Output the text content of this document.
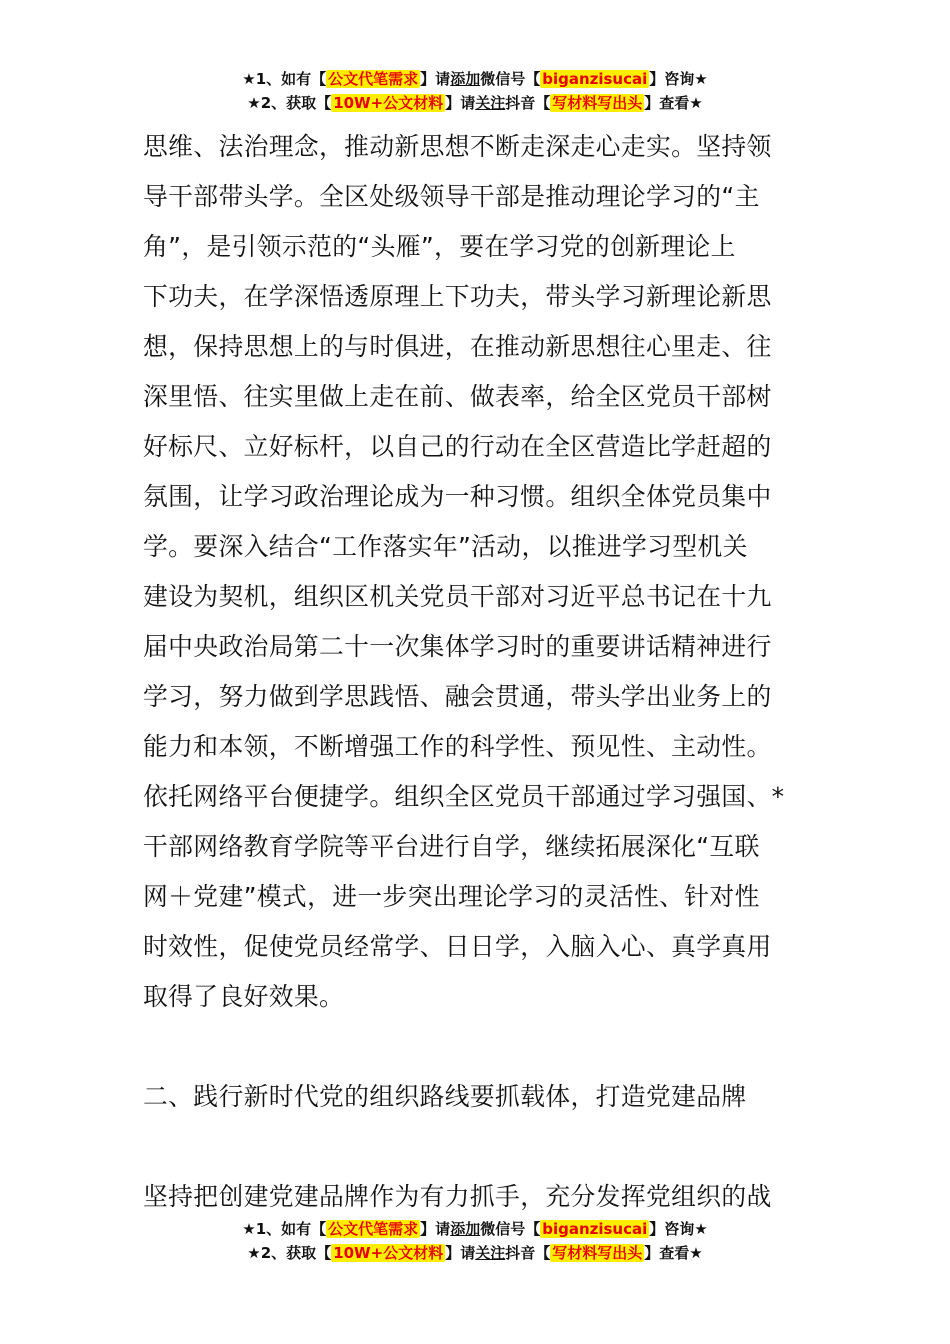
★1、如有【 公文代笔需求 】请添加微信号【 biganzisucai 】咨询★
★2、获取【 10W+公文材料 】请关注抖音【 写材料写出头 】查看★
思维、法治理念，推动新思想不断走深走心走实。坚持领
导干部带头学。全区处级领导干部是推动理论学习的“主
角”，是引领示范的“头雁”，要在学习党的创新理论上
下功夫，在学深悟透原理上下功夫，带头学习新理论新思
想，保持思想上的与时俱进，在推动新思想往心里走、往
深里悟、往实里做上走在前、做表率，给全区党员干部树
好标尺、立好标杆，以自己的行动在全区营造比学赶超的
氛围，让学习政治理论成为一种习惯。组织全体党员集中
学。要深入结合“工作落实年”活动，以推进学习型机关
建设为契机，组织区机关党员干部对习近平总书记在十九
届中央政治局第二十一次集体学习时的重要讲话精神进行
学习，努力做到学思践悟、融会贯通，带头学出业务上的
能力和本领，不断增强工作的科学性、预见性、主动性。
依托网络平台便捷学。组织全区党员干部通过学习强国、*
干部网络教育学院等平台进行自学，继续拓展深化“互联
网＋党建”模式，进一步突出理论学习的灵活性、针对性
时效性，促使党员经常学、日日学，入脑入心、真学真用
取得了良好效果。
二、践行新时代党的组织路线要抓载体，打造党建品牌
坚持把创建党建品牌作为有力抓手，充分发挥党组织的战
★1、如有【 公文代笔需求 】请添加微信号【 biganzisucai 】咨询★
★2、获取【 10W+公文材料 】请关注抖音【 写材料写出头 】查看★
